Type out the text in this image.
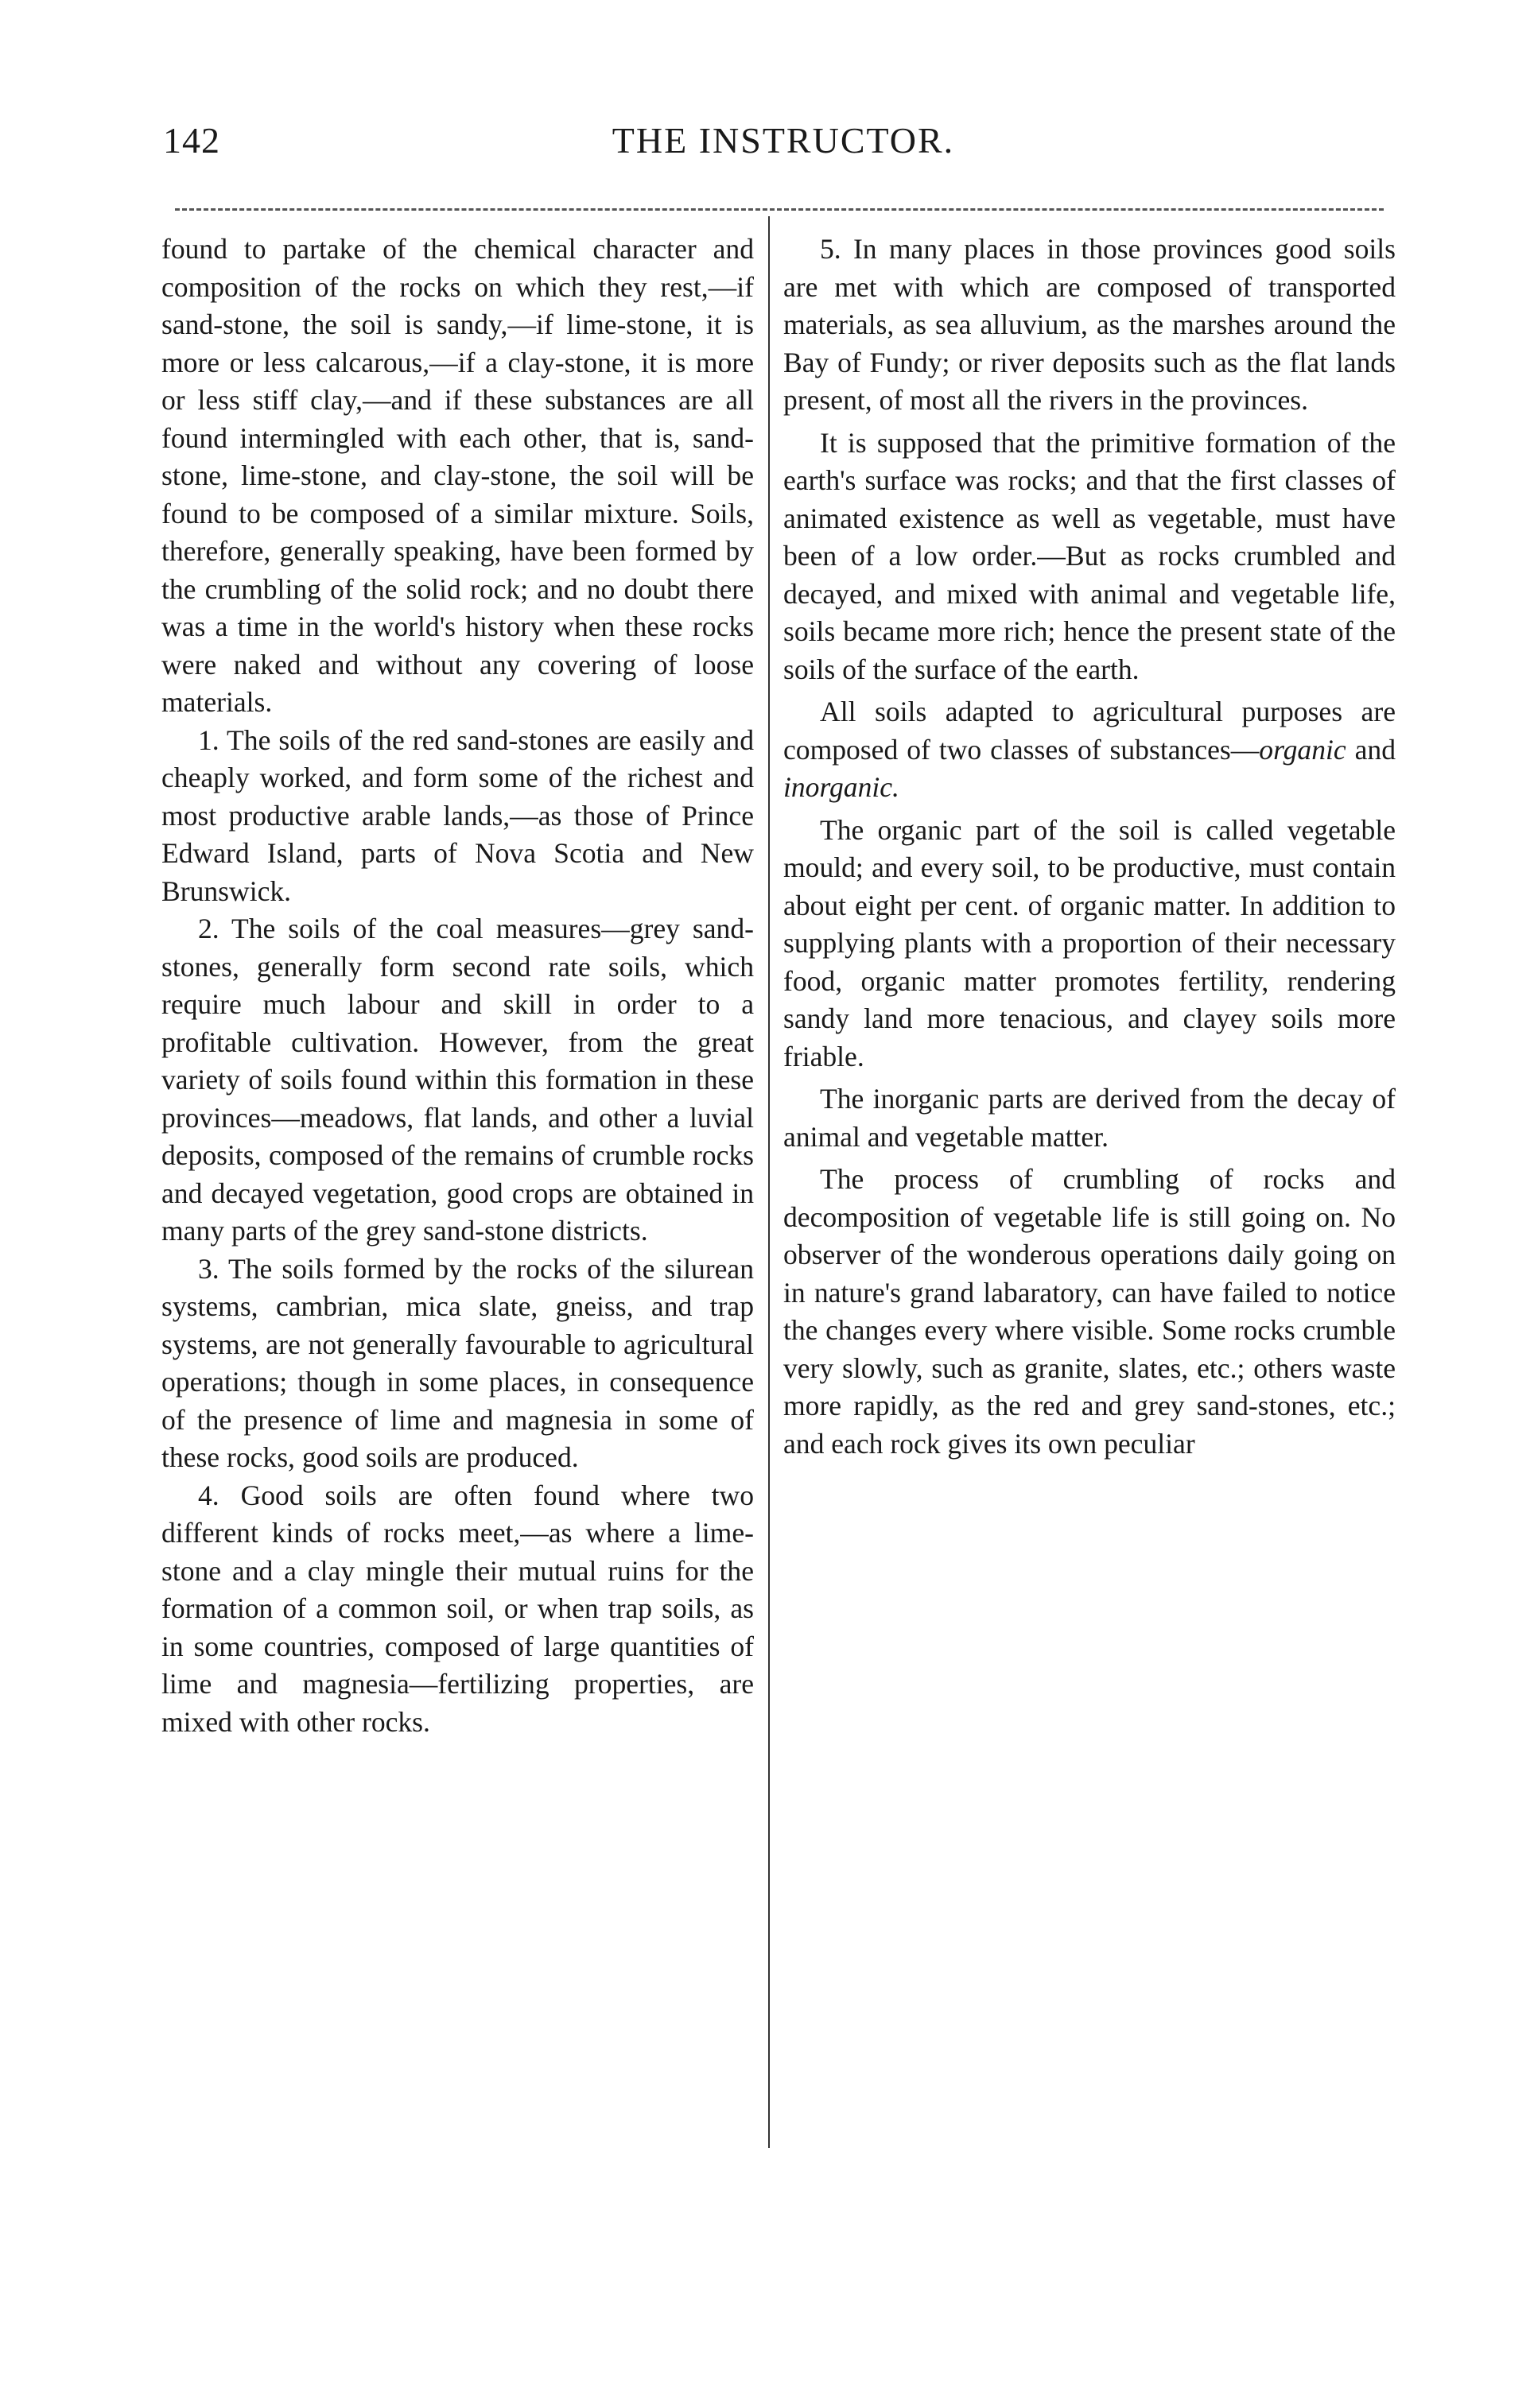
142	THE INSTRUCTOR.

found to partake of the chemical character and composition of the rocks on which they rest,—if sand-stone, the soil is sandy,—if lime-stone, it is more or less calcarous,—if a clay-stone, it is more or less stiff clay,—and if these substances are all found intermingled with each other, that is, sand-stone, lime-stone, and clay-stone, the soil will be found to be composed of a similar mixture. Soils, therefore, generally speaking, have been formed by the crumbling of the solid rock; and no doubt there was a time in the world's history when these rocks were naked and without any covering of loose materials.

1. The soils of the red sand-stones are easily and cheaply worked, and form some of the richest and most productive arable lands,—as those of Prince Edward Island, parts of Nova Scotia and New Brunswick.

2. The soils of the coal measures—grey sand-stones, generally form second rate soils, which require much labour and skill in order to a profitable cultivation. However, from the great variety of soils found within this formation in these provinces—meadows, flat lands, and other a luvial deposits, composed of the remains of crumble rocks and decayed vegetation, good crops are obtained in many parts of the grey sand-stone districts.

3. The soils formed by the rocks of the silurean systems, cambrian, mica slate, gneiss, and trap systems, are not generally favourable to agricultural operations; though in some places, in consequence of the presence of lime and magnesia in some of these rocks, good soils are produced.

4. Good soils are often found where two different kinds of rocks meet,—as where a lime-stone and a clay mingle their mutual ruins for the formation of a common soil, or when trap soils, as in some countries, composed of large quantities of lime and magnesia—fertilizing properties, are mixed with other rocks.

5. In many places in those provinces good soils are met with which are composed of transported materials, as sea alluvium, as the marshes around the Bay of Fundy; or river deposits such as the flat lands present, of most all the rivers in the provinces.

It is supposed that the primitive formation of the earth's surface was rocks; and that the first classes of animated existence as well as vegetable, must have been of a low order.—But as rocks crumbled and decayed, and mixed with animal and vegetable life, soils became more rich; hence the present state of the soils of the surface of the earth.

All soils adapted to agricultural purposes are composed of two classes of substances—organic and inorganic.

The organic part of the soil is called vegetable mould; and every soil, to be productive, must contain about eight per cent. of organic matter. In addition to supplying plants with a proportion of their necessary food, organic matter promotes fertility, rendering sandy land more tenacious, and clayey soils more friable.

The inorganic parts are derived from the decay of animal and vegetable matter.

The process of crumbling of rocks and decomposition of vegetable life is still going on. No observer of the wonderous operations daily going on in nature's grand labaratory, can have failed to notice the changes every where visible. Some rocks crumble very slowly, such as granite, slates, etc.; others waste more rapidly, as the red and grey sand-stones, etc.; and each rock gives its own peculiar
